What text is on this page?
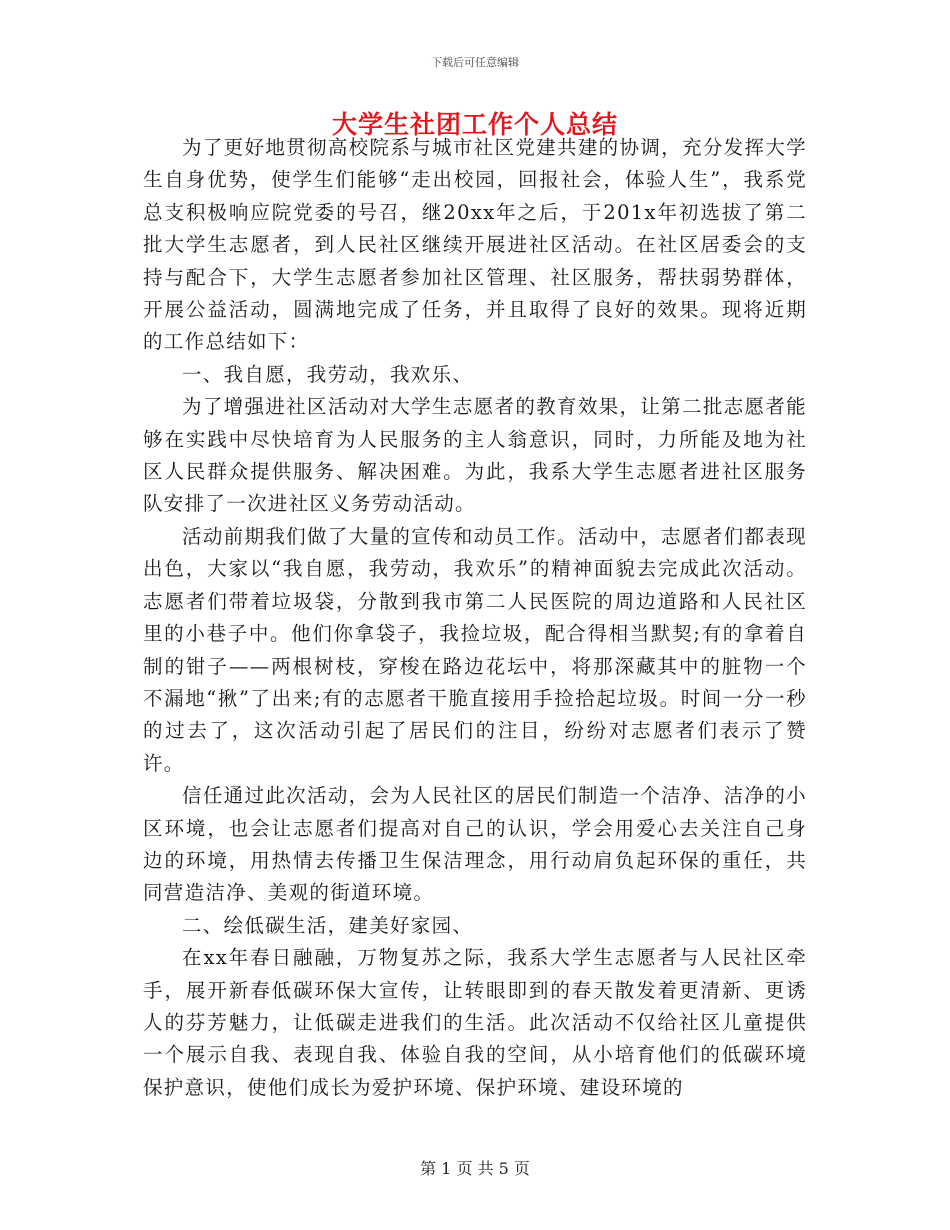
下载后可任意编辑
大学生社团工作个人总结

为了更好地贯彻高校院系与城市社区党建共建的协调，充分发挥大学生自身优势，使学生们能够“走出校园，回报社会，体验人生”，我系党总支积极响应院党委的号召，继20xx年之后，于201x年初选拔了第二批大学生志愿者，到人民社区继续开展进社区活动。在社区居委会的支持与配合下，大学生志愿者参加社区管理、社区服务，帮扶弱势群体，开展公益活动，圆满地完成了任务，并且取得了良好的效果。现将近期的工作总结如下：

一、我自愿，我劳动，我欢乐、

为了增强进社区活动对大学生志愿者的教育效果，让第二批志愿者能够在实践中尽快培育为人民服务的主人翁意识，同时，力所能及地为社区人民群众提供服务、解决困难。为此，我系大学生志愿者进社区服务队安排了一次进社区义务劳动活动。

活动前期我们做了大量的宣传和动员工作。活动中，志愿者们都表现出色，大家以“我自愿，我劳动，我欢乐”的精神面貌去完成此次活动。志愿者们带着垃圾袋，分散到我市第二人民医院的周边道路和人民社区里的小巷子中。他们你拿袋子，我捡垃圾，配合得相当默契;有的拿着自制的钳子——两根树枝，穿梭在路边花坛中，将那深藏其中的脏物一个不漏地“揪”了出来;有的志愿者干脆直接用手捡拾起垃圾。时间一分一秒的过去了，这次活动引起了居民们的注目，纷纷对志愿者们表示了赞许。

信任通过此次活动，会为人民社区的居民们制造一个洁净、洁净的小区环境，也会让志愿者们提高对自己的认识，学会用爱心去关注自己身边的环境，用热情去传播卫生保洁理念，用行动肩负起环保的重任，共同营造洁净、美观的街道环境。

二、绘低碳生活，建美好家园、

在xx年春日融融，万物复苏之际，我系大学生志愿者与人民社区牵手，展开新春低碳环保大宣传，让转眼即到的春天散发着更清新、更诱人的芬芳魅力，让低碳走进我们的生活。此次活动不仅给社区儿童提供一个展示自我、表现自我、体验自我的空间，从小培育他们的低碳环境保护意识，使他们成长为爱护环境、保护环境、建设环境的

第 1 页 共 5 页
